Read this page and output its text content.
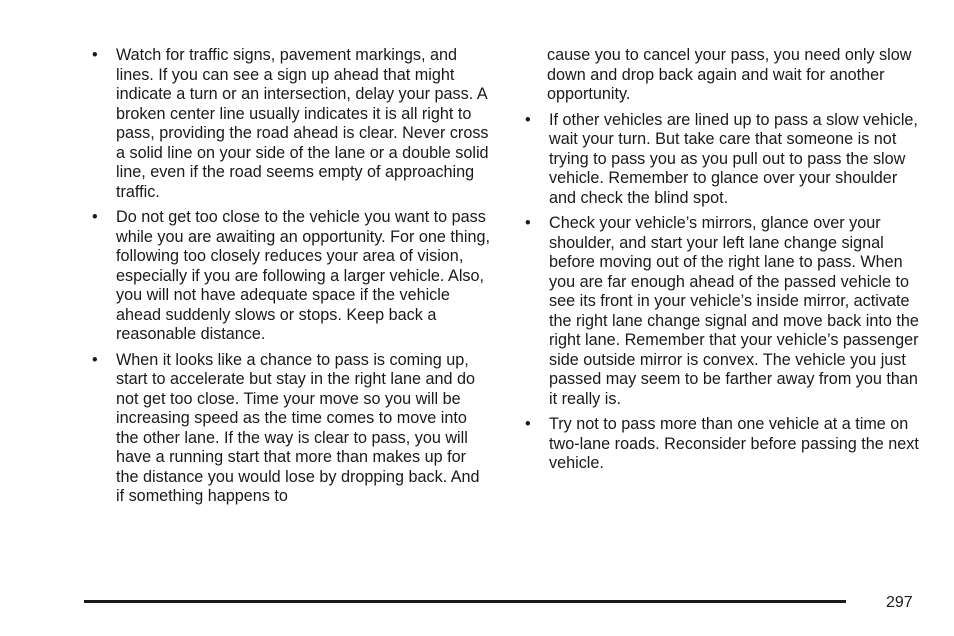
•	Watch for traffic signs, pavement markings, and lines. If you can see a sign up ahead that might indicate a turn or an intersection, delay your pass. A broken center line usually indicates it is all right to pass, providing the road ahead is clear. Never cross a solid line on your side of the lane or a double solid line, even if the road seems empty of approaching traffic.
•	Do not get too close to the vehicle you want to pass while you are awaiting an opportunity. For one thing, following too closely reduces your area of vision, especially if you are following a larger vehicle. Also, you will not have adequate space if the vehicle ahead suddenly slows or stops. Keep back a reasonable distance.
•	When it looks like a chance to pass is coming up, start to accelerate but stay in the right lane and do not get too close. Time your move so you will be increasing speed as the time comes to move into the other lane. If the way is clear to pass, you will have a running start that more than makes up for the distance you would lose by dropping back. And if something happens to

cause you to cancel your pass, you need only slow down and drop back again and wait for another opportunity.

•	If other vehicles are lined up to pass a slow vehicle, wait your turn. But take care that someone is not trying to pass you as you pull out to pass the slow vehicle. Remember to glance over your shoulder and check the blind spot.
•	Check your vehicle’s mirrors, glance over your shoulder, and start your left lane change signal before moving out of the right lane to pass. When you are far enough ahead of the passed vehicle to see its front in your vehicle’s inside mirror, activate the right lane change signal and move back into the right lane. Remember that your vehicle’s passenger side outside mirror is convex. The vehicle you just passed may seem to be farther away from you than it really is.
•	Try not to pass more than one vehicle at a time on two-lane roads. Reconsider before passing the next vehicle.
297
